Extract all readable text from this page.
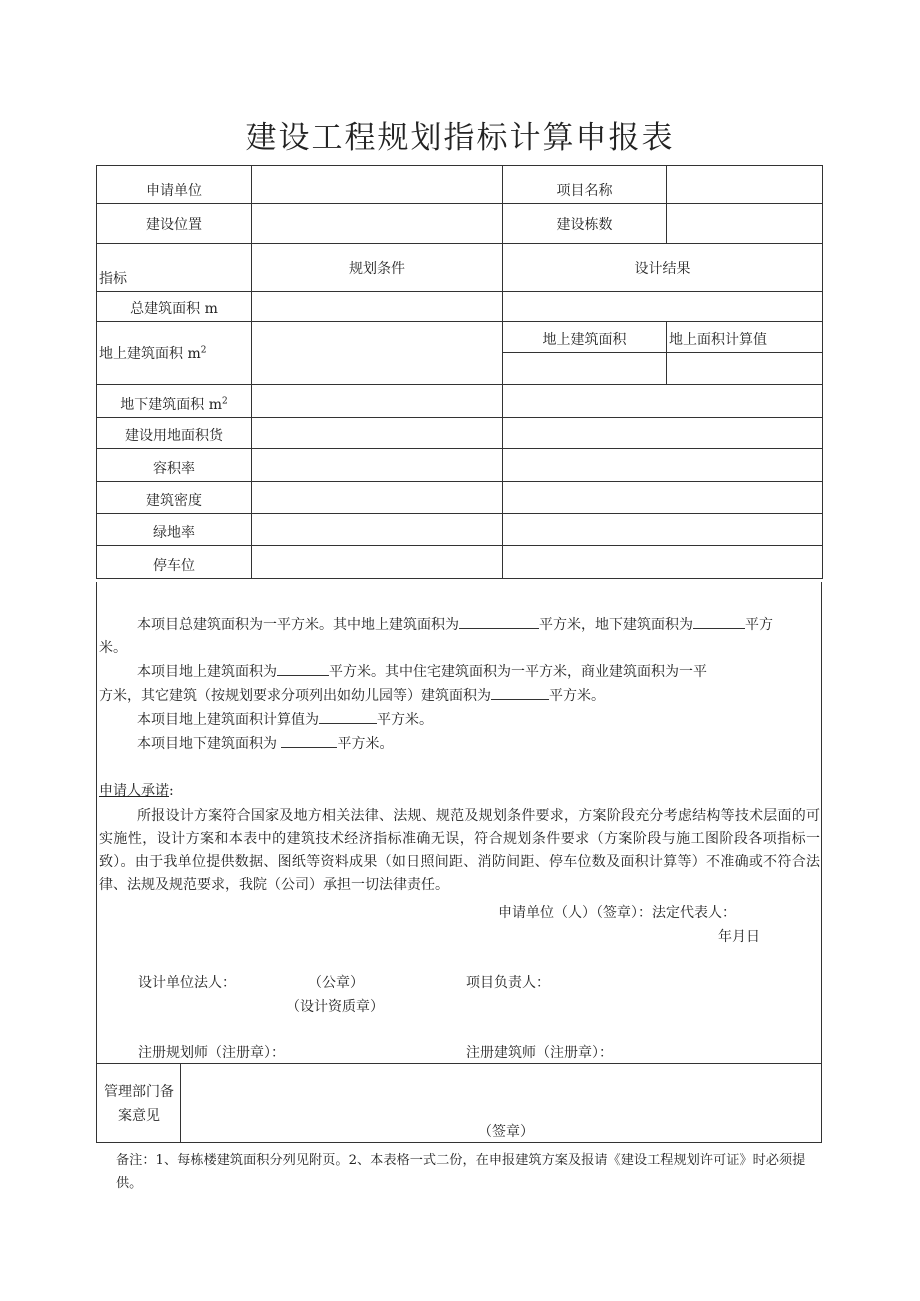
建设工程规划指标计算申报表
申请单位		项目名称	
建设位置		建设栋数	
指标	规划条件	设计结果	
总建筑面积 m			
地上建筑面积 $m^2$		地上建筑面积	地上面积计算值

地下建筑面积 $m^2$		
建设用地面积货			
容积率			
建筑密度			
绿地率			
停车位			
本项目总建筑面积为一平方米。其中地上建筑面积为	平方米，地下建筑面积为	平方
米。
本项目地上建筑面积为	平方米。其中住宅建筑面积为一平方米，商业建筑面积为一平
方米，其它建筑（按规划要求分项列出如幼儿园等）建筑面积为	平方米。
本项目地上建筑面积计算值为	平方米。
本项目地下建筑面积为	平方米。
申请人承诺:
所报设计方案符合国家及地方相关法律、法规、规范及规划条件要求，方案阶段充分考虑结构等技术层面的可实施性，设计方案和本表中的建筑技术经济指标准确无误，符合规划条件要求（方案阶段与施工图阶段各项指标一致）。由于我单位提供数据、图纸等资料成果（如日照间距、消防间距、停车位数及面积计算等）不准确或不符合法律、法规及规范要求，我院（公司）承担一切法律责任。
申请单位（人）（签章）：法定代表人：
年月日
设计单位法人：	（公章）	项目负责人：
（设计资质章）
注册规划师（注册章）：	注册建筑师（注册章）：
管理部门备案意见
（签章）
备注：1、每栋楼建筑面积分列见附页。2、本表格一式二份，在申报建筑方案及报请《建设工程规划许可证》时必须提
供。
